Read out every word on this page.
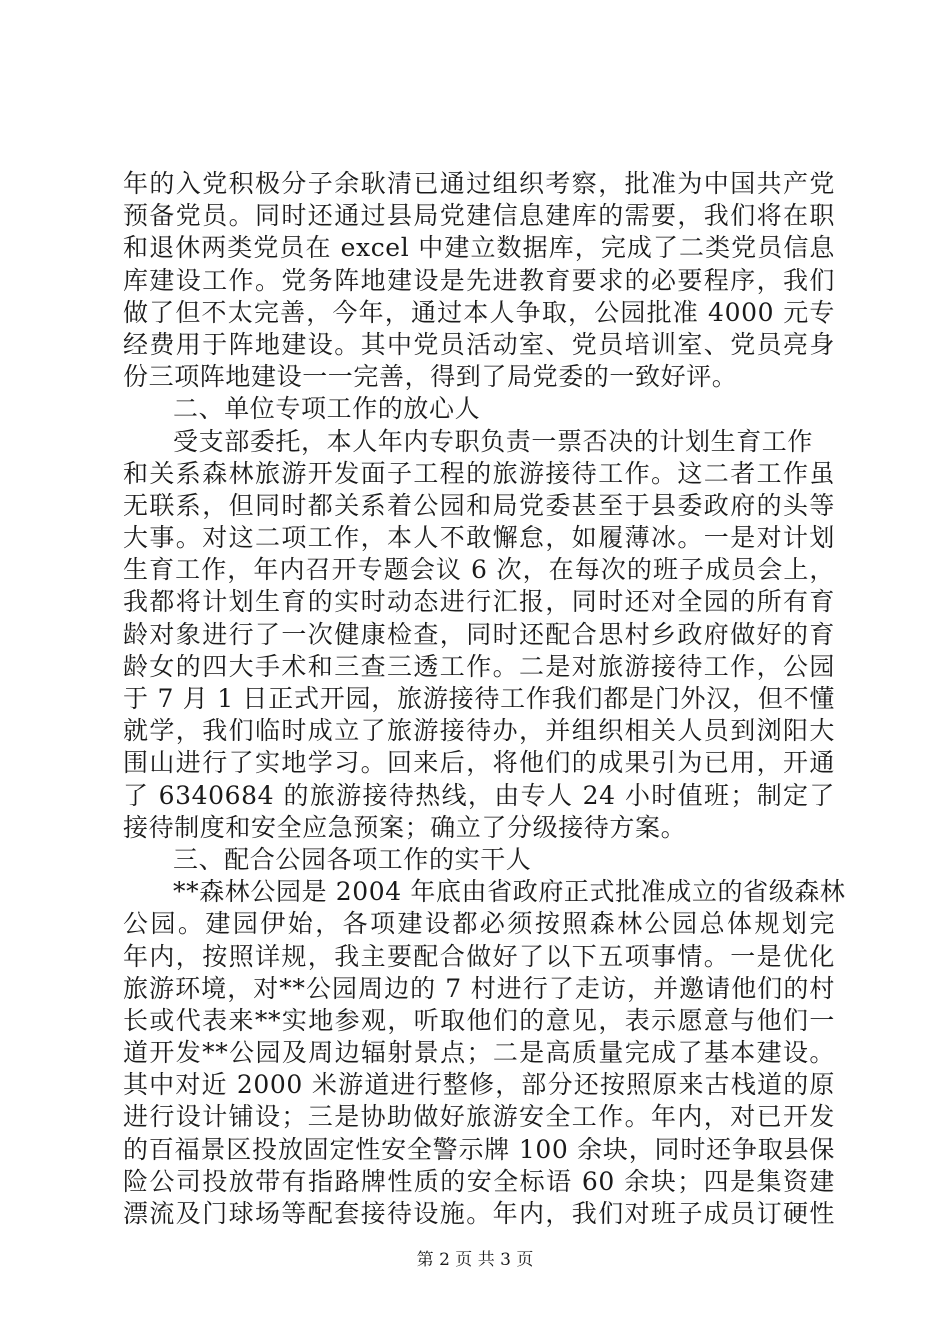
年的入党积极分子余耿清已通过组织考察，批准为中国共产党
预备党员。同时还通过县局党建信息建库的需要，我们将在职
和退休两类党员在 excel 中建立数据库，完成了二类党员信息
库建设工作。党务阵地建设是先进教育要求的必要程序，我们
做了但不太完善，今年，通过本人争取，公园批准 4000 元专
经费用于阵地建设。其中党员活动室、党员培训室、党员亮身
份三项阵地建设一一完善，得到了局党委的一致好评。
二、单位专项工作的放心人
受支部委托，本人年内专职负责一票否决的计划生育工作
和关系森林旅游开发面子工程的旅游接待工作。这二者工作虽
无联系，但同时都关系着公园和局党委甚至于县委政府的头等
大事。对这二项工作，本人不敢懈怠，如履薄冰。一是对计划
生育工作，年内召开专题会议 6 次，在每次的班子成员会上，
我都将计划生育的实时动态进行汇报，同时还对全园的所有育
龄对象进行了一次健康检查，同时还配合思村乡政府做好的育
龄女的四大手术和三查三透工作。二是对旅游接待工作，公园
于 7 月 1 日正式开园，旅游接待工作我们都是门外汉，但不懂
就学，我们临时成立了旅游接待办，并组织相关人员到浏阳大
围山进行了实地学习。回来后，将他们的成果引为已用，开通
了 6340684 的旅游接待热线，由专人 24 小时值班；制定了
接待制度和安全应急预案；确立了分级接待方案。
三、配合公园各项工作的实干人
**森林公园是 2004 年底由省政府正式批准成立的省级森林
公园。建园伊始，各项建设都必须按照森林公园总体规划完
年内，按照详规，我主要配合做好了以下五项事情。一是优化
旅游环境，对**公园周边的 7 村进行了走访，并邀请他们的村
长或代表来**实地参观，听取他们的意见，表示愿意与他们一
道开发**公园及周边辐射景点；二是高质量完成了基本建设。
其中对近 2000 米游道进行整修，部分还按照原来古栈道的原
进行设计铺设；三是协助做好旅游安全工作。年内，对已开发
的百福景区投放固定性安全警示牌 100 余块，同时还争取县保
险公司投放带有指路牌性质的安全标语 60 余块；四是集资建
漂流及门球场等配套接待设施。年内，我们对班子成员订硬性
第 2 页 共 3 页
